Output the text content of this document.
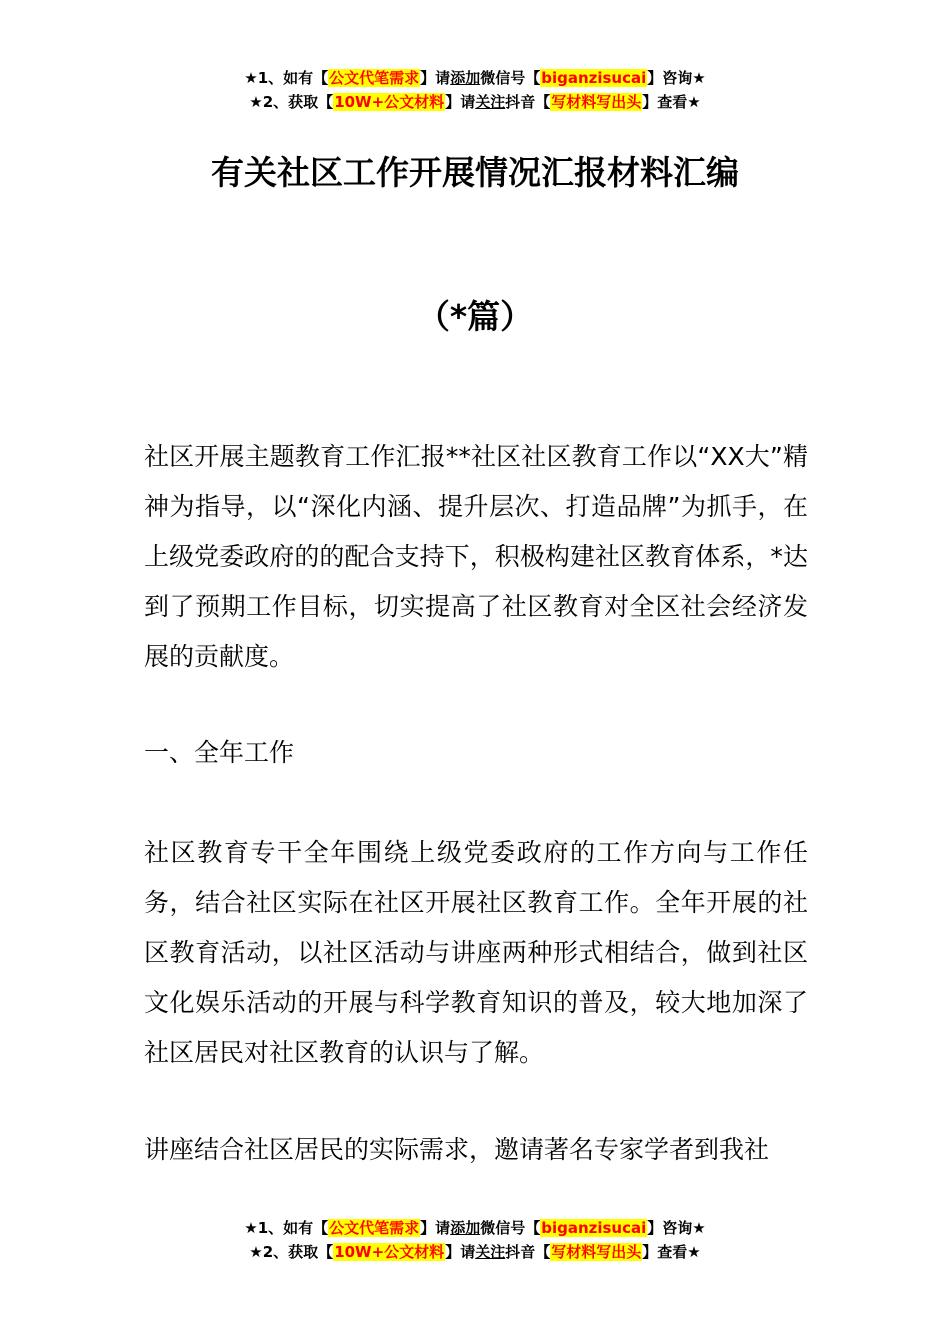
★1、如有【公文代笔需求】请添加微信号【biganzisucai】咨询★
★2、获取【10W+公文材料】请关注抖音【写材料写出头】查看★
有关社区工作开展情况汇报材料汇编
（*篇）

社区开展主题教育工作汇报**社区社区教育工作以“XX大”精神为指导，以“深化内涵、提升层次、打造品牌”为抓手，在上级党委政府的的配合支持下，积极构建社区教育体系，*达到了预期工作目标，切实提高了社区教育对全区社会经济发展的贡献度。

一、全年工作

社区教育专干全年围绕上级党委政府的工作方向与工作任务，结合社区实际在社区开展社区教育工作。全年开展的社区教育活动，以社区活动与讲座两种形式相结合，做到社区文化娱乐活动的开展与科学教育知识的普及，较大地加深了社区居民对社区教育的认识与了解。

讲座结合社区居民的实际需求，邀请著名专家学者到我社

★1、如有【公文代笔需求】请添加微信号【biganzisucai】咨询★
★2、获取【10W+公文材料】请关注抖音【写材料写出头】查看★
